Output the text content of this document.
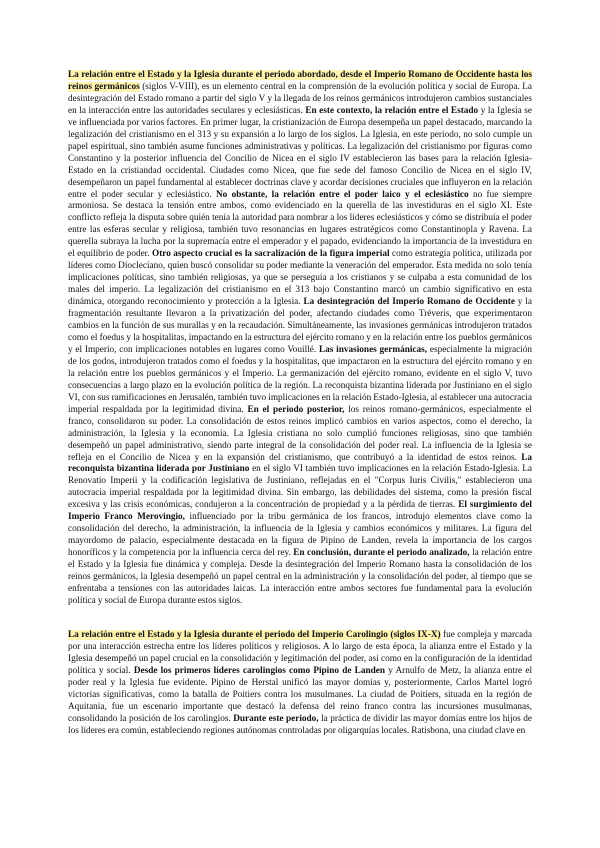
La relación entre el Estado y la Iglesia durante el periodo abordado, desde el Imperio Romano de Occidente hasta los reinos germánicos (siglos V-VIII), es un elemento central en la comprensión de la evolución política y social de Europa. La desintegración del Estado romano a partir del siglo V y la llegada de los reinos germánicos introdujeron cambios sustanciales en la interacción entre las autoridades seculares y eclesiásticas. En este contexto, la relación entre el Estado y la Iglesia se ve influenciada por varios factores. En primer lugar, la cristianización de Europa desempeña un papel destacado, marcando la legalización del cristianismo en el 313 y su expansión a lo largo de los siglos. La Iglesia, en este periodo, no solo cumple un papel espiritual, sino también asume funciones administrativas y políticas. La legalización del cristianismo por figuras como Constantino y la posterior influencia del Concilio de Nicea en el siglo IV establecieron las bases para la relación Iglesia-Estado en la cristiandad occidental. Ciudades como Nicea, que fue sede del famoso Concilio de Nicea en el siglo IV, desempeñaron un papel fundamental al establecer doctrinas clave y acordar decisiones cruciales que influyeron en la relación entre el poder secular y eclesiástico. No obstante, la relación entre el poder laico y el eclesiástico no fue siempre armoniosa. Se destaca la tensión entre ambos, como evidenciado en la querella de las investiduras en el siglo XI. Este conflicto refleja la disputa sobre quién tenía la autoridad para nombrar a los líderes eclesiásticos y cómo se distribuía el poder entre las esferas secular y religiosa, también tuvo resonancias en lugares estratégicos como Constantinopla y Ravena. La querella subraya la lucha por la supremacía entre el emperador y el papado, evidenciando la importancia de la investidura en el equilibrio de poder. Otro aspecto crucial es la sacralización de la figura imperial como estrategia política, utilizada por líderes como Diocleciano, quien buscó consolidar su poder mediante la veneración del emperador. Esta medida no solo tenía implicaciones políticas, sino también religiosas, ya que se perseguía a los cristianos y se culpaba a esta comunidad de los males del imperio. La legalización del cristianismo en el 313 bajo Constantino marcó un cambio significativo en esta dinámica, otorgando reconocimiento y protección a la Iglesia. La desintegración del Imperio Romano de Occidente y la fragmentación resultante llevaron a la privatización del poder, afectando ciudades como Tréveris, que experimentaron cambios en la función de sus murallas y en la recaudación. Simultáneamente, las invasiones germánicas introdujeron tratados como el foedus y la hospitalitas, impactando en la estructura del ejército romano y en la relación entre los pueblos germánicos y el Imperio, con implicaciones notables en lugares como Vouillé. Las invasiones germánicas, especialmente la migración de los godos, introdujeron tratados como el foedus y la hospitalitas, que impactaron en la estructura del ejército romano y en la relación entre los pueblos germánicos y el Imperio. La germanización del ejército romano, evidente en el siglo V, tuvo consecuencias a largo plazo en la evolución política de la región. La reconquista bizantina liderada por Justiniano en el siglo VI, con sus ramificaciones en Jerusalén, también tuvo implicaciones en la relación Estado-Iglesia, al establecer una autocracia imperial respaldada por la legitimidad divina. En el periodo posterior, los reinos romano-germánicos, especialmente el franco, consolidaron su poder. La consolidación de estos reinos implicó cambios en varios aspectos, como el derecho, la administración, la Iglesia y la economía. La Iglesia cristiana no solo cumplió funciones religiosas, sino que también desempeñó un papel administrativo, siendo parte integral de la consolidación del poder real. La influencia de la Iglesia se refleja en el Concilio de Nicea y en la expansión del cristianismo, que contribuyó a la identidad de estos reinos. La reconquista bizantina liderada por Justiniano en el siglo VI también tuvo implicaciones en la relación Estado-Iglesia. La Renovatio Imperii y la codificación legislativa de Justiniano, reflejadas en el "Corpus Iuris Civilis," establecieron una autocracia imperial respaldada por la legitimidad divina. Sin embargo, las debilidades del sistema, como la presión fiscal excesiva y las crisis económicas, condujeron a la concentración de propiedad y a la pérdida de tierras. El surgimiento del Imperio Franco Merovingio, influenciado por la tribu germánica de los francos, introdujo elementos clave como la consolidación del derecho, la administración, la influencia de la Iglesia y cambios económicos y militares. La figura del mayordomo de palacio, especialmente destacada en la figura de Pipino de Landen, revela la importancia de los cargos honoríficos y la competencia por la influencia cerca del rey. En conclusión, durante el periodo analizado, la relación entre el Estado y la Iglesia fue dinámica y compleja. Desde la desintegración del Imperio Romano hasta la consolidación de los reinos germánicos, la Iglesia desempeñó un papel central en la administración y la consolidación del poder, al tiempo que se enfrentaba a tensiones con las autoridades laicas. La interacción entre ambos sectores fue fundamental para la evolución política y social de Europa durante estos siglos.

La relación entre el Estado y la Iglesia durante el periodo del Imperio Carolingio (siglos IX-X) fue compleja y marcada por una interacción estrecha entre los líderes políticos y religiosos. A lo largo de esta época, la alianza entre el Estado y la Iglesia desempeñó un papel crucial en la consolidación y legitimación del poder, así como en la configuración de la identidad política y social. Desde los primeros líderes carolingios como Pipino de Landen y Arnulfo de Metz, la alianza entre el poder real y la Iglesia fue evidente. Pipino de Herstal unificó las mayor domías y, posteriormente, Carlos Martel logró victorias significativas, como la batalla de Poitiers contra los musulmanes. La ciudad de Poitiers, situada en la región de Aquitania, fue un escenario importante que destacó la defensa del reino franco contra las incursiones musulmanas, consolidando la posición de los carolingios. Durante este periodo, la práctica de dividir las mayor domías entre los hijos de los líderes era común, estableciendo regiones autónomas controladas por oligarquías locales. Ratisbona, una ciudad clave en
